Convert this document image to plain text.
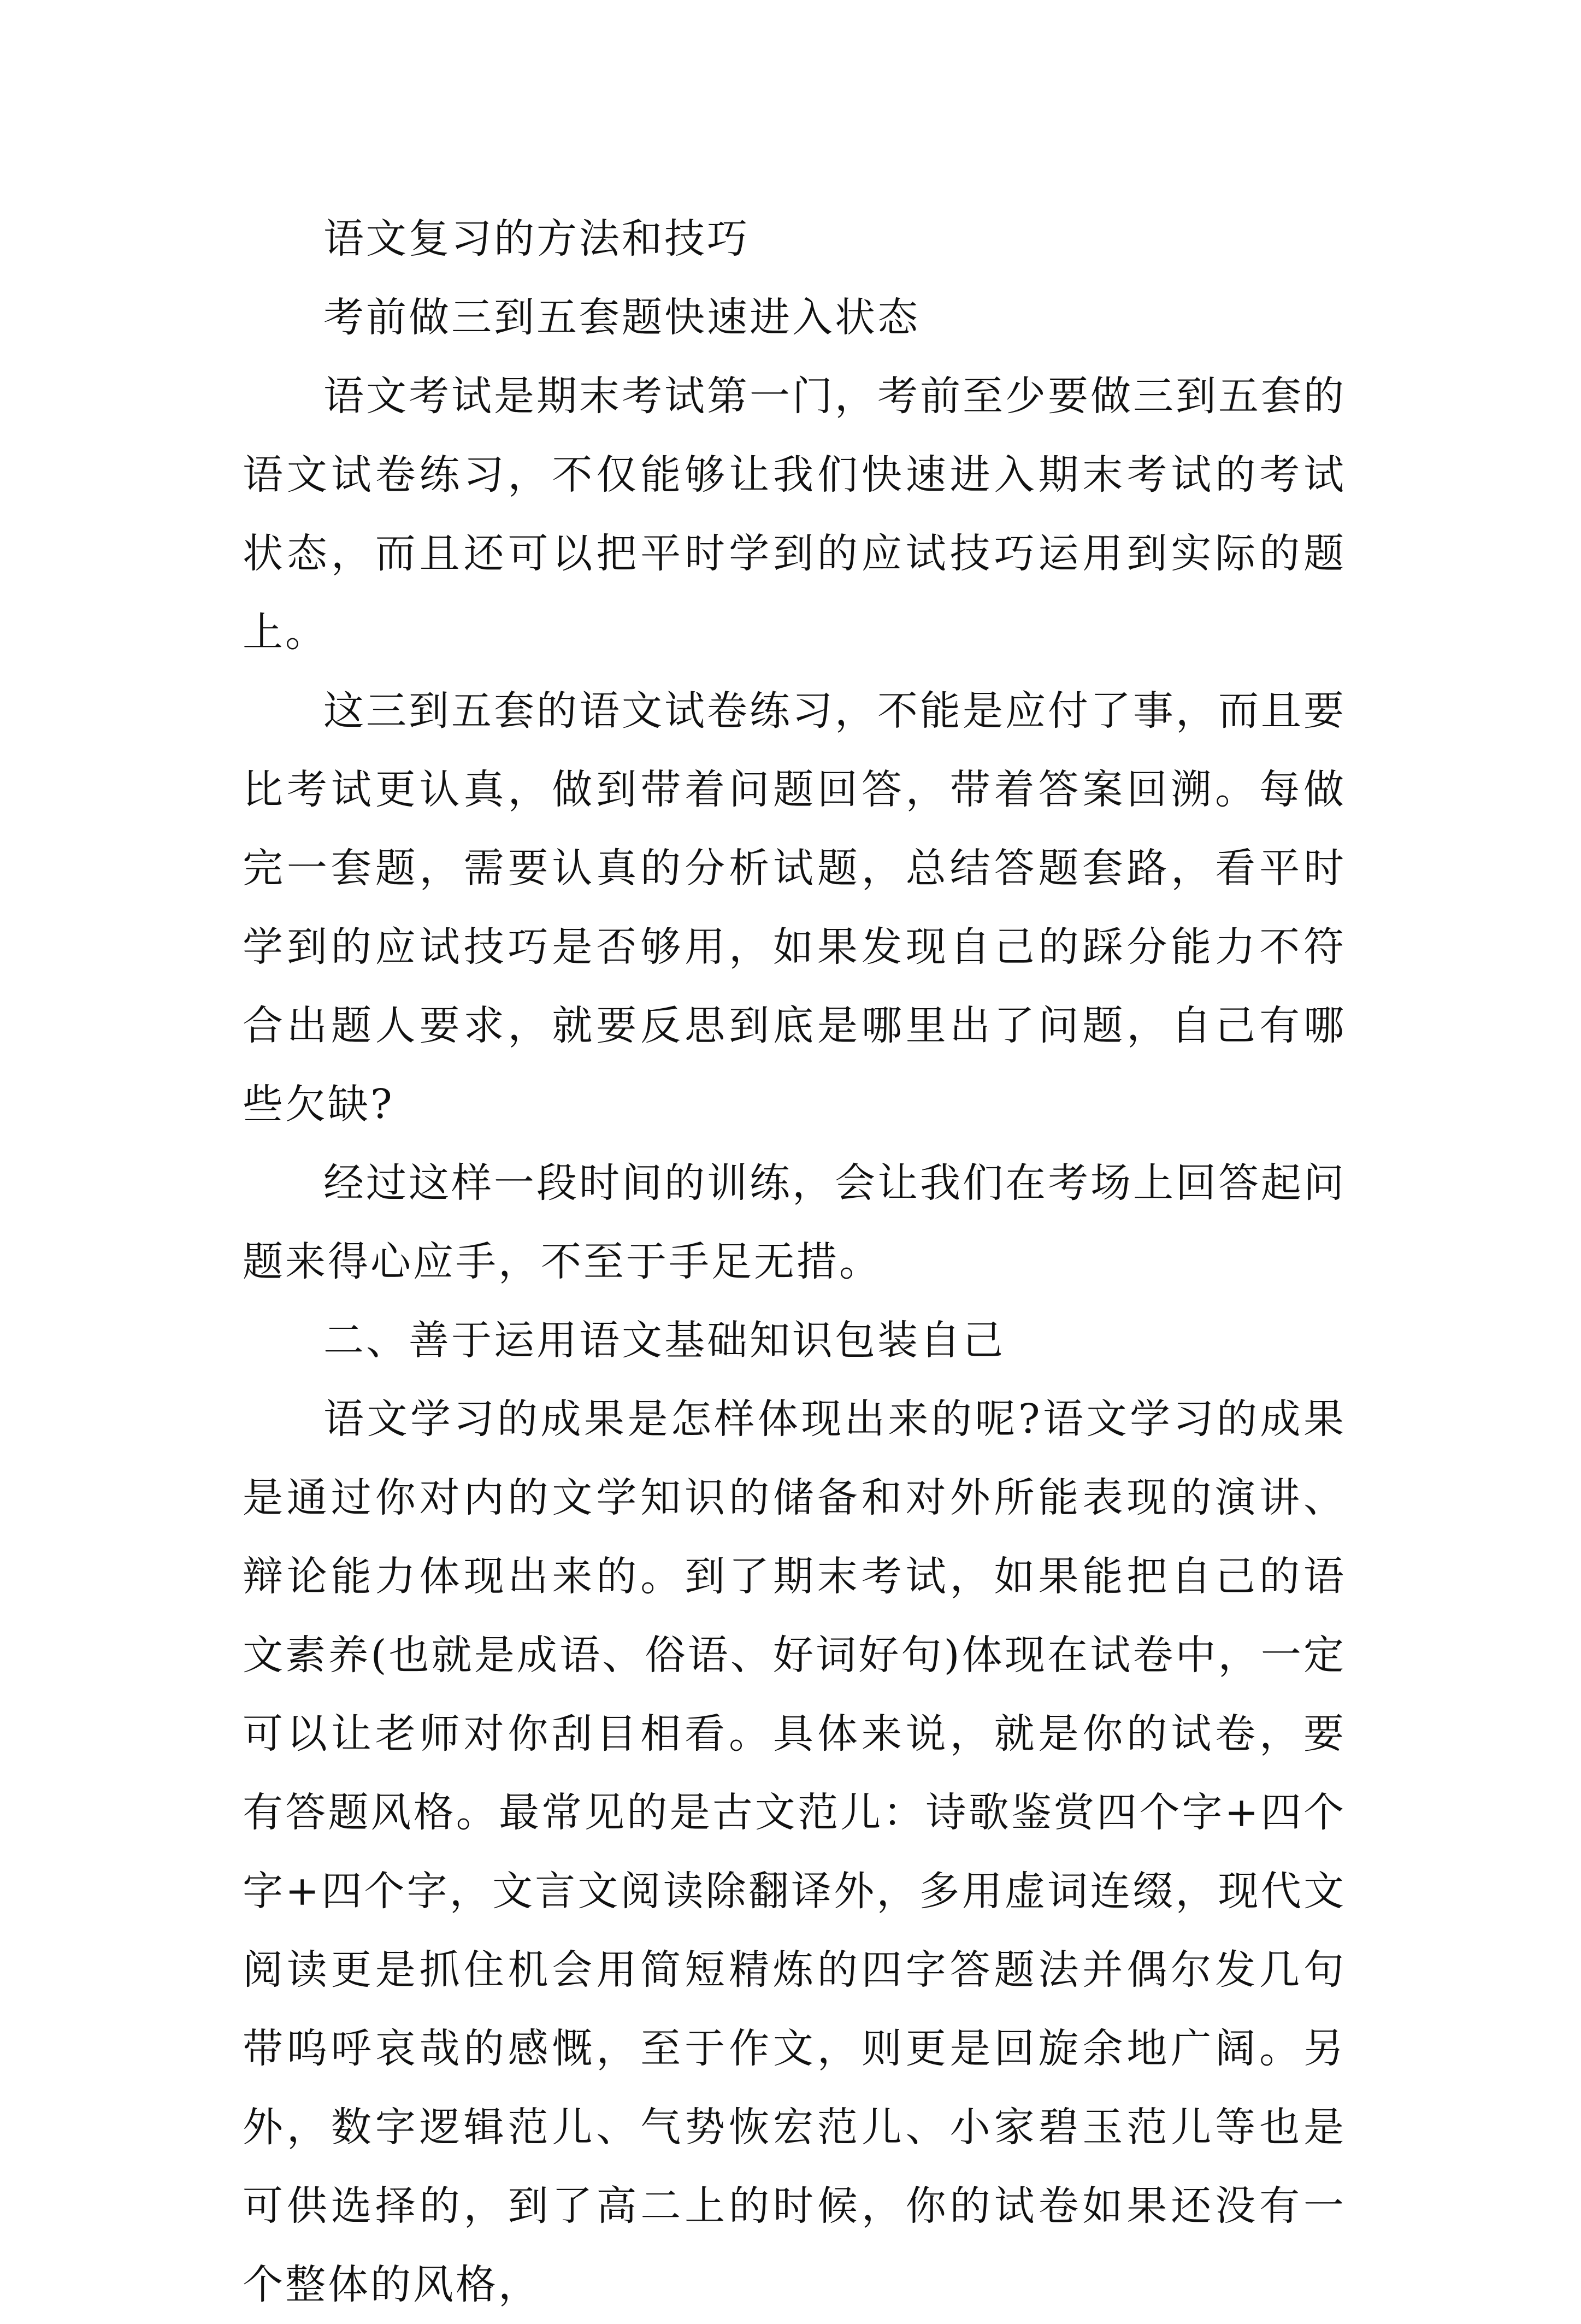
语文复习的方法和技巧

考前做三到五套题快速进入状态

语文考试是期末考试第一门，考前至少要做三到五套的语文试卷练习，不仅能够让我们快速进入期末考试的考试状态，而且还可以把平时学到的应试技巧运用到实际的题上。

这三到五套的语文试卷练习，不能是应付了事，而且要比考试更认真，做到带着问题回答，带着答案回溯。每做完一套题，需要认真的分析试题，总结答题套路，看平时学到的应试技巧是否够用，如果发现自己的踩分能力不符合出题人要求，就要反思到底是哪里出了问题，自己有哪些欠缺?

经过这样一段时间的训练，会让我们在考场上回答起问题来得心应手，不至于手足无措。

二、善于运用语文基础知识包装自己

语文学习的成果是怎样体现出来的呢?语文学习的成果是通过你对内的文学知识的储备和对外所能表现的演讲、辩论能力体现出来的。到了期末考试，如果能把自己的语文素养(也就是成语、俗语、好词好句)体现在试卷中，一定可以让老师对你刮目相看。具体来说，就是你的试卷，要有答题风格。最常见的是古文范儿：诗歌鉴赏四个字+四个字+四个字，文言文阅读除翻译外，多用虚词连缀，现代文阅读更是抓住机会用简短精炼的四字答题法并偶尔发几句带呜呼哀哉的感慨，至于作文，则更是回旋余地广阔。另外，数字逻辑范儿、气势恢宏范儿、小家碧玉范儿等也是可供选择的，到了高二上的时候，你的试卷如果还没有一个整体的风格，
